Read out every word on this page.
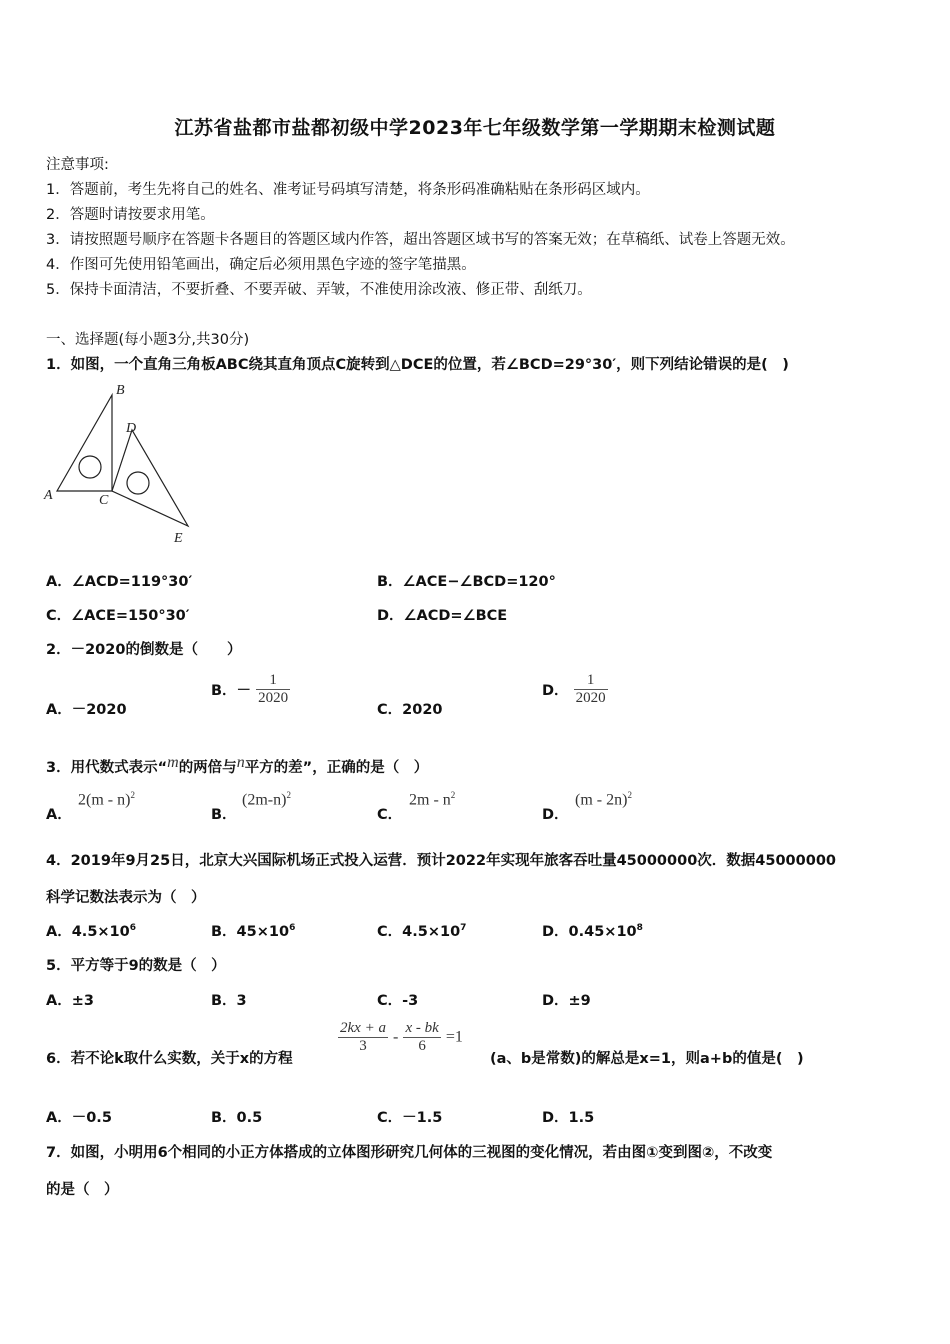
江苏省盐都市盐都初级中学2023年七年级数学第一学期期末检测试题
注意事项:
1．答题前，考生先将自己的姓名、准考证号码填写清楚，将条形码准确粘贴在条形码区域内。
2．答题时请按要求用笔。
3．请按照题号顺序在答题卡各题目的答题区域内作答，超出答题区域书写的答案无效；在草稿纸、试卷上答题无效。
4．作图可先使用铅笔画出，确定后必须用黑色字迹的签字笔描黑。
5．保持卡面清洁，不要折叠、不要弄破、弄皱，不准使用涂改液、修正带、刮纸刀。
一、选择题(每小题3分,共30分)
1．如图，一个直角三角板ABC绕其直角顶点C旋转到△DCE的位置，若∠BCD=29°30′，则下列结论错误的是(　)
B
D
A	C
E
A．∠ACD=119°30′	B．∠ACE−∠BCD=120°
C．∠ACE=150°30′	D．∠ACD=∠BCE
2．－2020的倒数是（　　）
A．－2020
B．－ $\frac{1}{2020}$
C．2020
D． $\frac{1}{2020}$
3．用代数式表示“m的两倍与n平方的差”，正确的是（　）
A．
2(m - n)$^2$
B．
$(2m-n)^2$
C．
$2m - n^2$
D．
(m - 2n)$^2$
4．2019年9月25日，北京大兴国际机场正式投入运营．预计2022年实现年旅客吞吐量45000000次．数据45000000
科学记数法表示为（　）
A．$4.5\times 10^6$	B．$45\times 10^6$	C．$4.5\times 10^7$	D．$0.45\times 10^8$
5．平方等于9的数是（　）
A．±3	B．3	C．-3	D．±9
6．若不论k取什么实数，关于x的方程
$\frac{2kx + a}{3} - \frac{x - bk}{6} =1$
(a、b是常数)的解总是x=1，则a+b的值是(　)
A．－0.5	B．0.5	C．－1.5	D．1.5
7．如图，小明用6个相同的小正方体搭成的立体图形研究几何体的三视图的变化情况，若由图①变到图②，不改变
的是（　）
